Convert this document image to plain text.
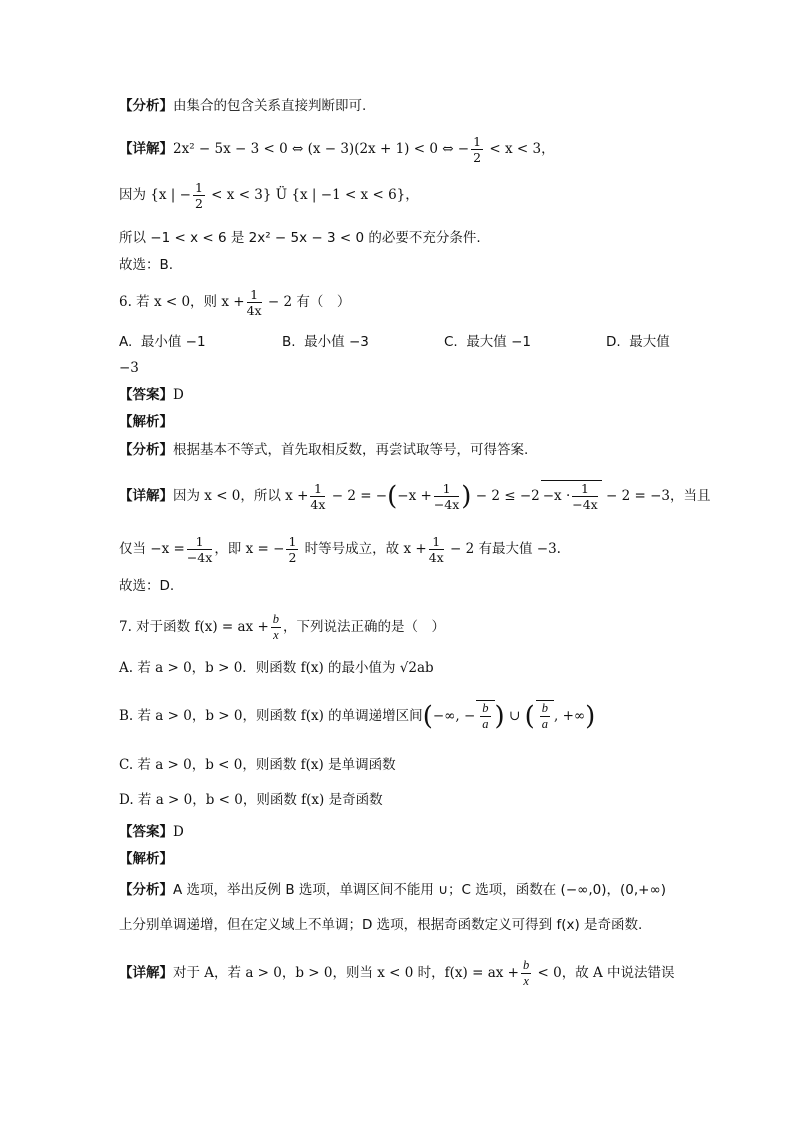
【分析】由集合的包含关系直接判断即可.
【详解】2x² − 5x − 3 < 0 ⇔ (x − 3)(2x + 1) < 0 ⇔ − $\frac{1}{2} < x < 3$，
因为 {x | − $\frac{1}{2} < x < 3$} Ü {x | −1 < x < 6}，
所以 −1 < x < 6 是 2x² − 5x − 3 < 0 的必要不充分条件.
故选：B.
6. 若 x < 0，则 $x + \frac{1}{4x} - 2$ 有（　）
A. 最小值 −1	B. 最小值 −3	C. 最大值 −1	D. 最大值
−3
【答案】D
【解析】
【分析】根据基本不等式，首先取相反数，再尝试取等号，可得答案.
【详解】因为 x < 0，所以 $x + \frac{1}{4x} - 2 = -(-x + \frac{1}{-4x}$ ) − $2 \le -2 -x \cdot \frac{1}{-4x} - 2 = -3$，当且
仅当 $-x = \frac{1}{-4x}$ ，即 x = − $\frac{1}{2}$ 时等号成立，故 $x + \frac{1}{4x} - 2$ 有最大值 −3.
故选：D.
7. 对于函数 f(x) = ax + $\frac{b}{x}$ ，下列说法正确的是（　）
A. 若 a > 0，b > 0．则函数 f(x) 的最小值为 √2ab
B. 若 a > 0，b > 0，则函数 f(x) 的单调递增区间(−∞, − $\frac{b}{a}$ ) ∪ ( $\frac{b}{a}$ , +∞)
C. 若 a > 0，b < 0，则函数 f(x) 是单调函数
D. 若 a > 0，b < 0，则函数 f(x) 是奇函数
【答案】D
【解析】
【分析】A 选项，举出反例 B 选项，单调区间不能用 ∪；C 选项，函数在 (−∞,0)，(0,+∞)
上分别单调递增，但在定义域上不单调；D 选项，根据奇函数定义可得到 f(x) 是奇函数.
【详解】对于 A，若 a > 0，b > 0，则当 x < 0 时，f(x) = ax + $\frac{b}{x} < 0$，故 A 中说法错误
